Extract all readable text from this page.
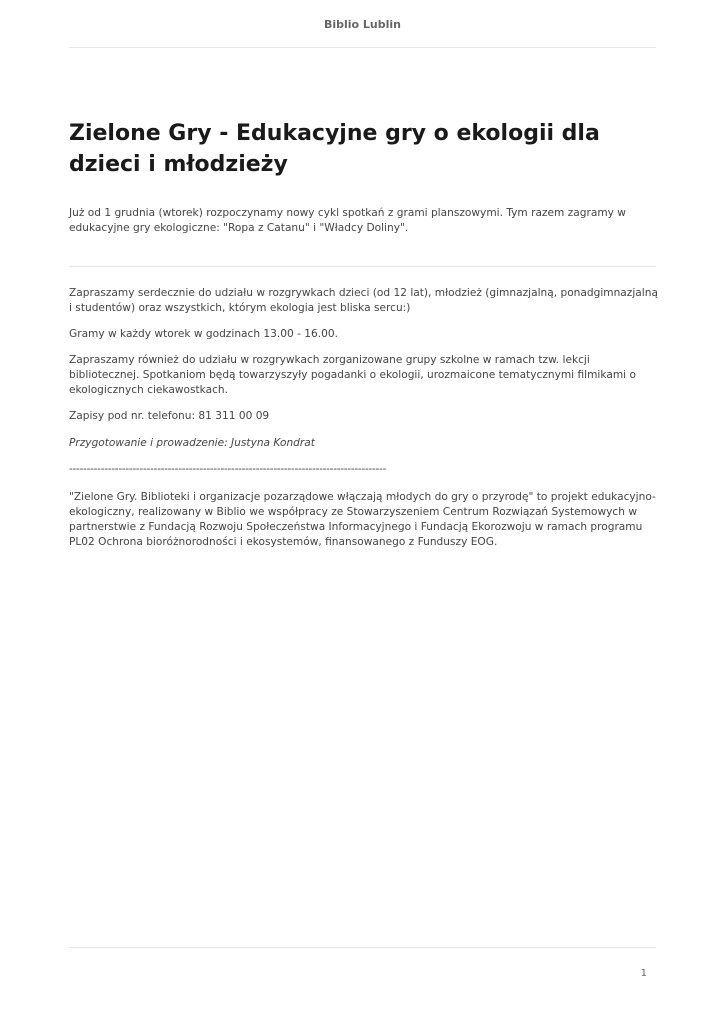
Biblio Lublin
Zielone Gry - Edukacyjne gry o ekologii dla dzieci i młodzieży

Już od 1 grudnia (wtorek) rozpoczynamy nowy cykl spotkań z grami planszowymi. Tym razem zagramy w edukacyjne gry ekologiczne: "Ropa z Catanu" i "Władcy Doliny".

Zapraszamy serdecznie do udziału w rozgrywkach dzieci (od 12 lat), młodzież (gimnazjalną, ponadgimnazjalną i studentów) oraz wszystkich, którym ekologia jest bliska sercu:)

Gramy w każdy wtorek w godzinach 13.00 - 16.00.

Zapraszamy również do udziału w rozgrywkach zorganizowane grupy szkolne w ramach tzw. lekcji bibliotecznej. Spotkaniom będą towarzyszyły pogadanki o ekologii, urozmaicone tematycznymi filmikami o ekologicznych ciekawostkach.

Zapisy pod nr. telefonu: 81 311 00 09

Przygotowanie i prowadzenie: Justyna Kondrat

------------------------------------------------------------------------------------------

"Zielone Gry. Biblioteki i organizacje pozarządowe włączają młodych do gry o przyrodę" to projekt edukacyjno-ekologiczny, realizowany w Biblio we współpracy ze Stowarzyszeniem Centrum Rozwiązań Systemowych w partnerstwie z Fundacją Rozwoju Społeczeństwa Informacyjnego i Fundacją Ekorozwoju w ramach programu PL02 Ochrona bioróżnorodności i ekosystemów, finansowanego z Funduszy EOG.

1
